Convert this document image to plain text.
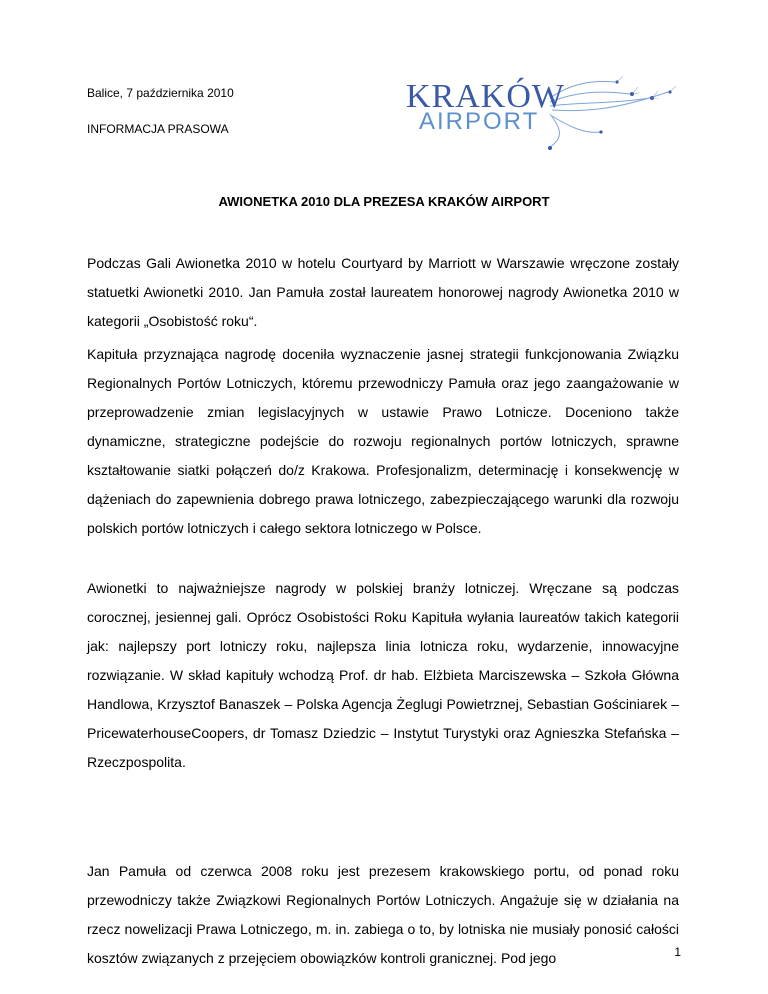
Balice, 7 października 2010
INFORMACJA PRASOWA
KRAKÓW
AIRPORT
AWIONETKA 2010 DLA PREZESA KRAKÓW AIRPORT

Podczas Gali Awionetka 2010 w hotelu Courtyard by Marriott w Warszawie wręczone zostały statuetki Awionetki 2010. Jan Pamuła został laureatem honorowej nagrody Awionetka 2010 w kategorii „Osobistość roku“.

Kapituła przyznająca nagrodę doceniła wyznaczenie jasnej strategii funkcjonowania Związku Regionalnych Portów Lotniczych, któremu przewodniczy Pamuła oraz jego zaangażowanie w przeprowadzenie zmian legislacyjnych w ustawie Prawo Lotnicze. Doceniono także dynamiczne, strategiczne podejście do rozwoju regionalnych portów lotniczych, sprawne kształtowanie siatki połączeń do/z Krakowa. Profesjonalizm, determinację i konsekwencję w dążeniach do zapewnienia dobrego prawa lotniczego, zabezpieczającego warunki dla rozwoju polskich portów lotniczych i całego sektora lotniczego w Polsce.

Awionetki to najważniejsze nagrody w polskiej branży lotniczej. Wręczane są podczas corocznej, jesiennej gali. Oprócz Osobistości Roku Kapituła wyłania laureatów takich kategorii jak: najlepszy port lotniczy roku, najlepsza linia lotnicza roku, wydarzenie, innowacyjne rozwiązanie. W skład kapituły wchodzą Prof. dr hab. Elżbieta Marciszewska – Szkoła Główna Handlowa, Krzysztof Banaszek – Polska Agencja Żeglugi Powietrznej, Sebastian Gościniarek – PricewaterhouseCoopers, dr Tomasz Dziedzic – Instytut Turystyki oraz Agnieszka Stefańska – Rzeczpospolita.

Jan Pamuła od czerwca 2008 roku jest prezesem krakowskiego portu, od ponad roku przewodniczy także Związkowi Regionalnych Portów Lotniczych. Angażuje się w działania na rzecz nowelizacji Prawa Lotniczego, m. in. zabiega o to, by lotniska nie musiały ponosić całości kosztów związanych z przejęciem obowiązków kontroli granicznej. Pod jego	1
